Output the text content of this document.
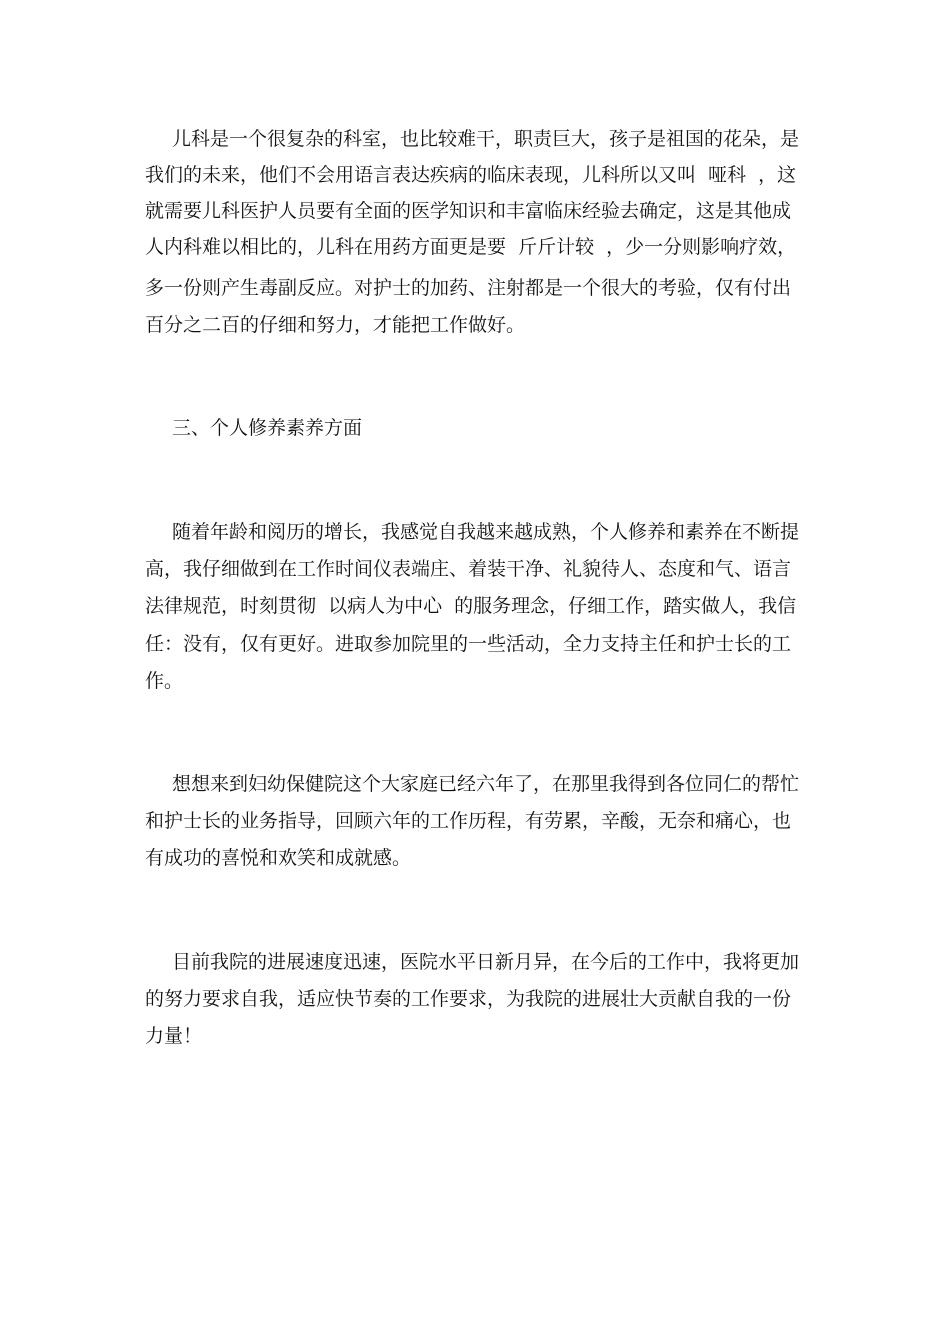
儿科是一个很复杂的科室，也比较难干，职责巨大，孩子是祖国的花朵，是

我们的未来，他们不会用语言表达疾病的临床表现，儿科所以又叫  哑科  ，这

就需要儿科医护人员要有全面的医学知识和丰富临床经验去确定，这是其他成

人内科难以相比的，儿科在用药方面更是要  斤斤计较  ，少一分则影响疗效，

多一份则产生毒副反应。对护士的加药、注射都是一个很大的考验，仅有付出

百分之二百的仔细和努力，才能把工作做好。

三、个人修养素养方面

随着年龄和阅历的增长，我感觉自我越来越成熟，个人修养和素养在不断提

高，我仔细做到在工作时间仪表端庄、着装干净、礼貌待人、态度和气、语言

法律规范，时刻贯彻  以病人为中心  的服务理念，仔细工作，踏实做人，我信

任：没有，仅有更好。进取参加院里的一些活动，全力支持主任和护士长的工

作。

想想来到妇幼保健院这个大家庭已经六年了，在那里我得到各位同仁的帮忙

和护士长的业务指导，回顾六年的工作历程，有劳累，辛酸，无奈和痛心，也

有成功的喜悦和欢笑和成就感。

目前我院的进展速度迅速，医院水平日新月异，在今后的工作中，我将更加

的努力要求自我，适应快节奏的工作要求，为我院的进展壮大贡献自我的一份

力量！
